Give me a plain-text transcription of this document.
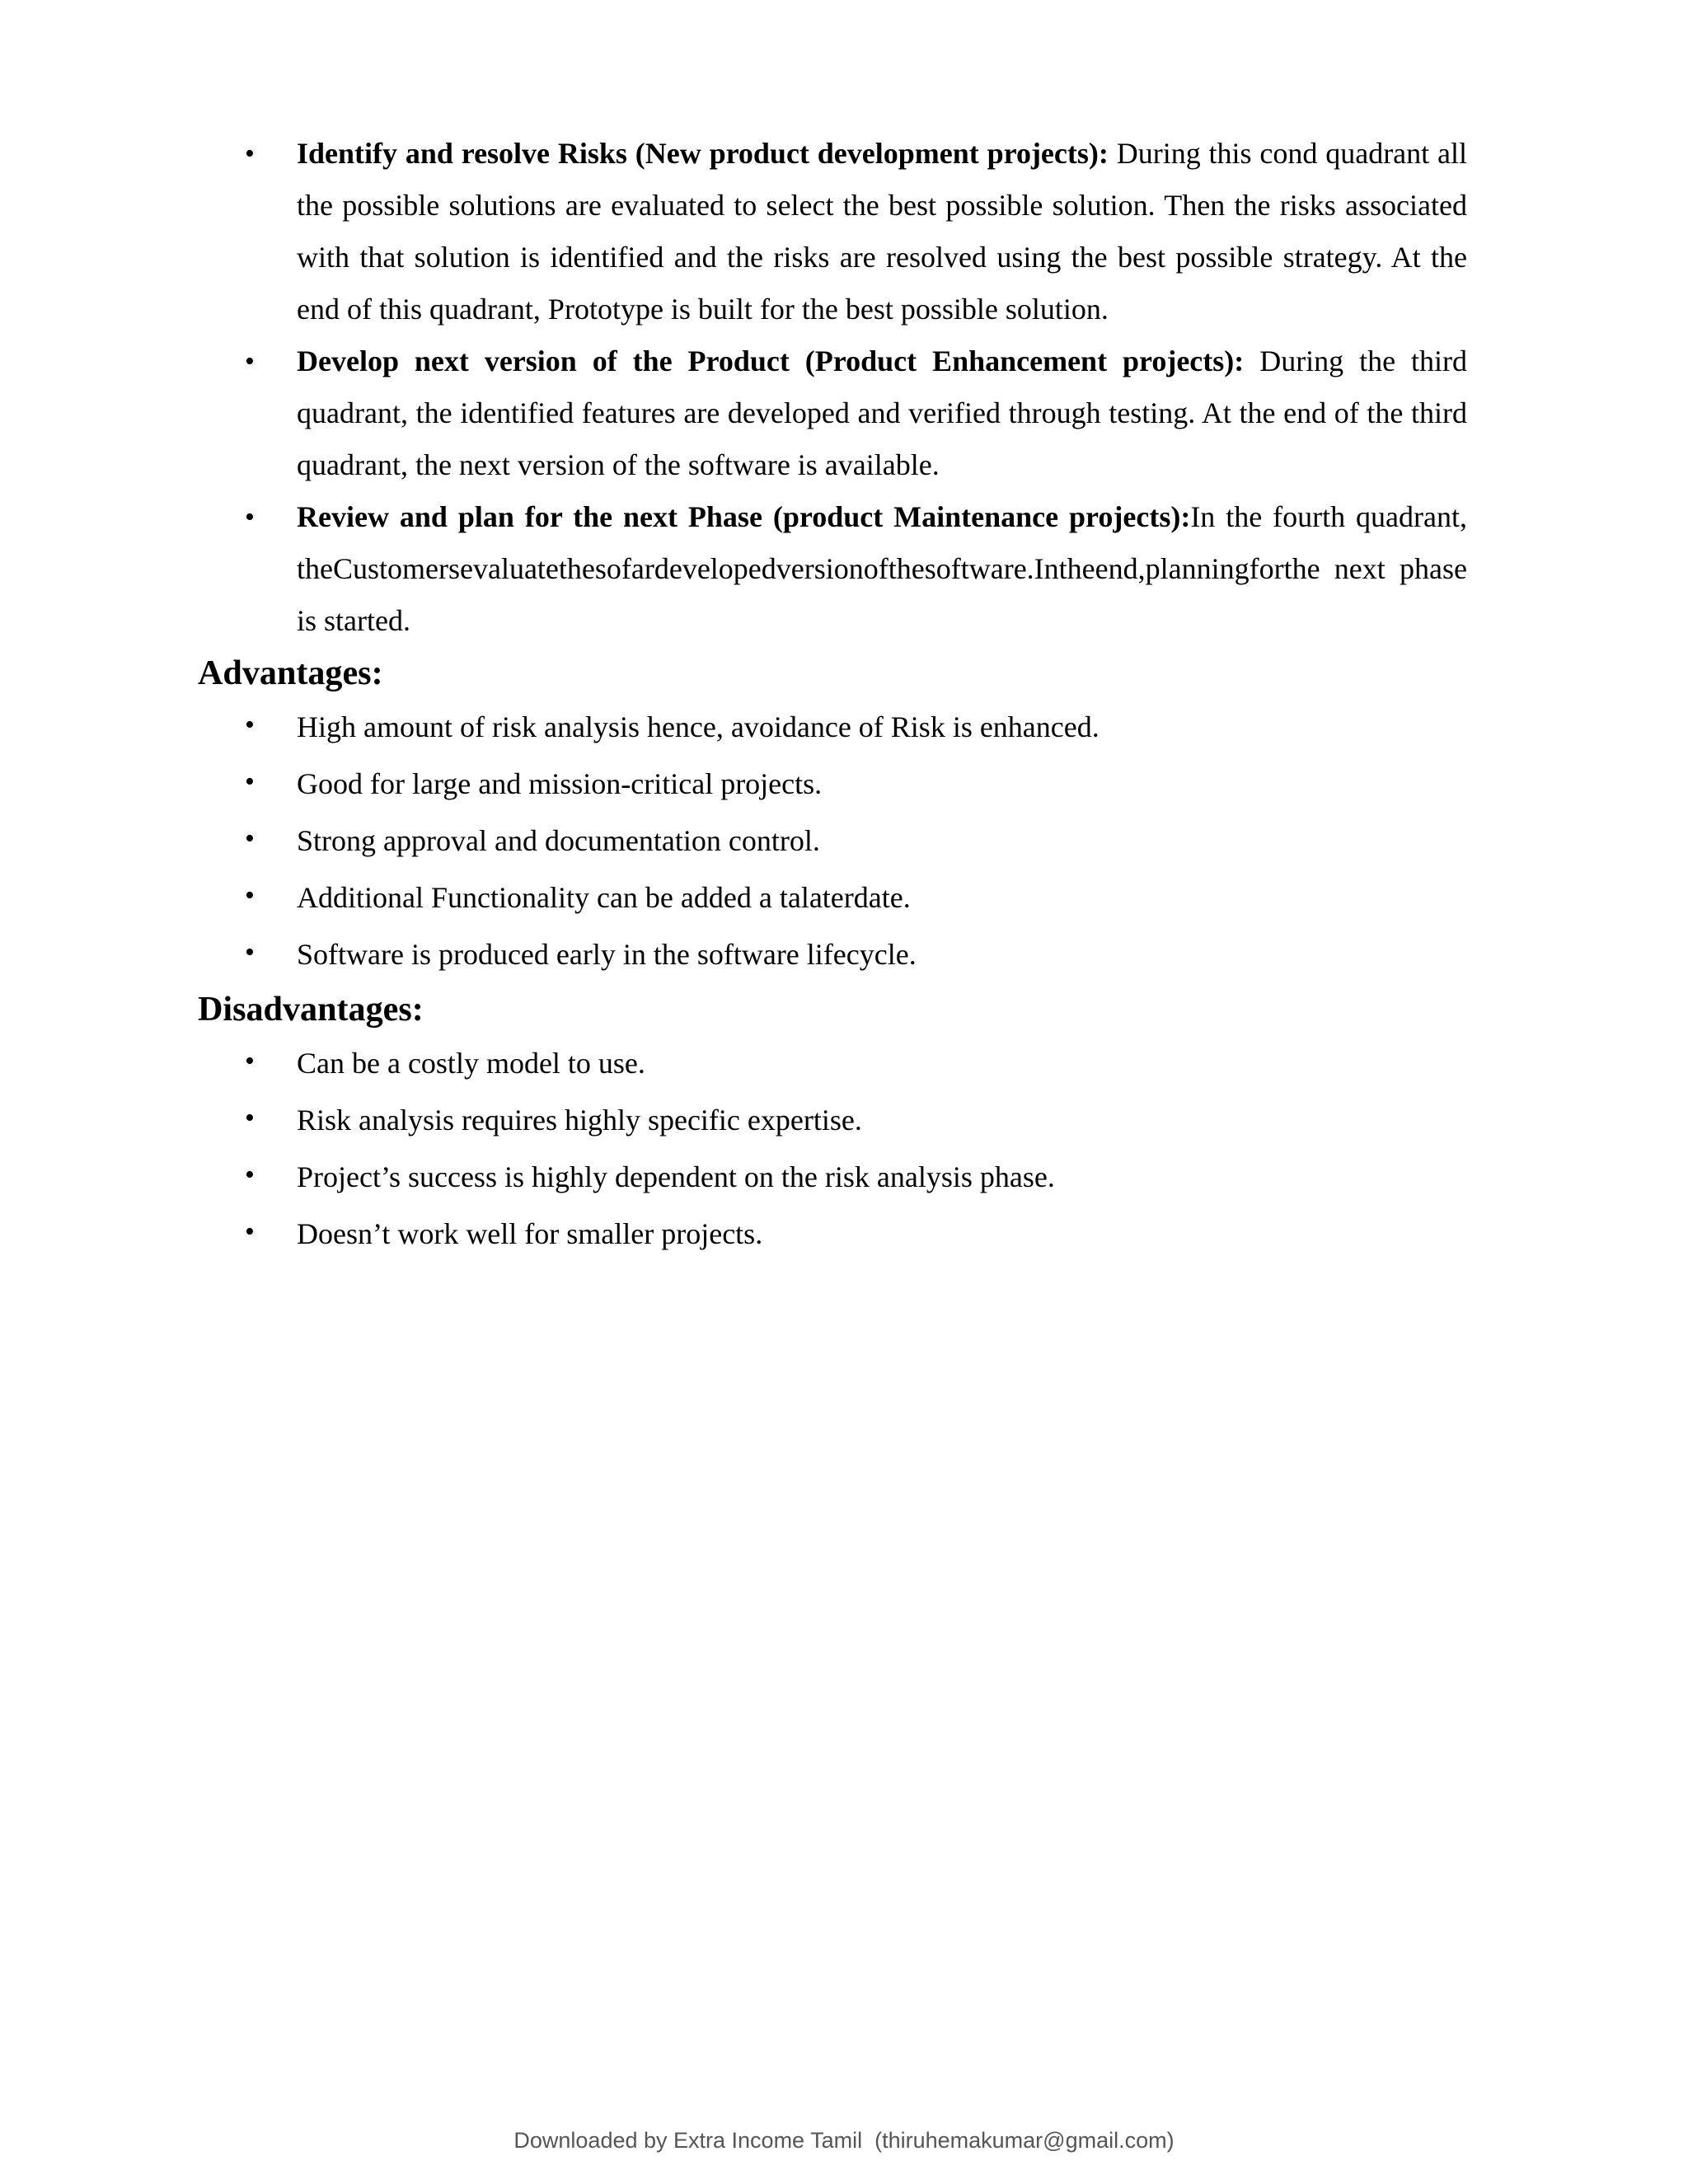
• Identify and resolve Risks (New product development projects): During this cond quadrant all the possible solutions are evaluated to select the best possible solution. Then the risks associated with that solution is identified and the risks are resolved using the best possible strategy. At the end of this quadrant, Prototype is built for the best possible solution.
• Develop next version of the Product (Product Enhancement projects): During the third quadrant, the identified features are developed and verified through testing. At the end of the third quadrant, the next version of the software is available.
• Review and plan for the next Phase (product Maintenance projects):In the fourth quadrant, theCustomersevaluatethesofardevelopedversionofthesoftware.Intheend,planningforthe next phase is started.
Advantages:
• High amount of risk analysis hence, avoidance of Risk is enhanced.
• Good for large and mission-critical projects.
• Strong approval and documentation control.
• Additional Functionality can be added a talaterdate.
• Software is produced early in the software lifecycle.
Disadvantages:
• Can be a costly model to use.
• Risk analysis requires highly specific expertise.
• Project’s success is highly dependent on the risk analysis phase.
• Doesn’t work well for smaller projects.
Downloaded by Extra Income Tamil  (thiruhemakumar@gmail.com)
